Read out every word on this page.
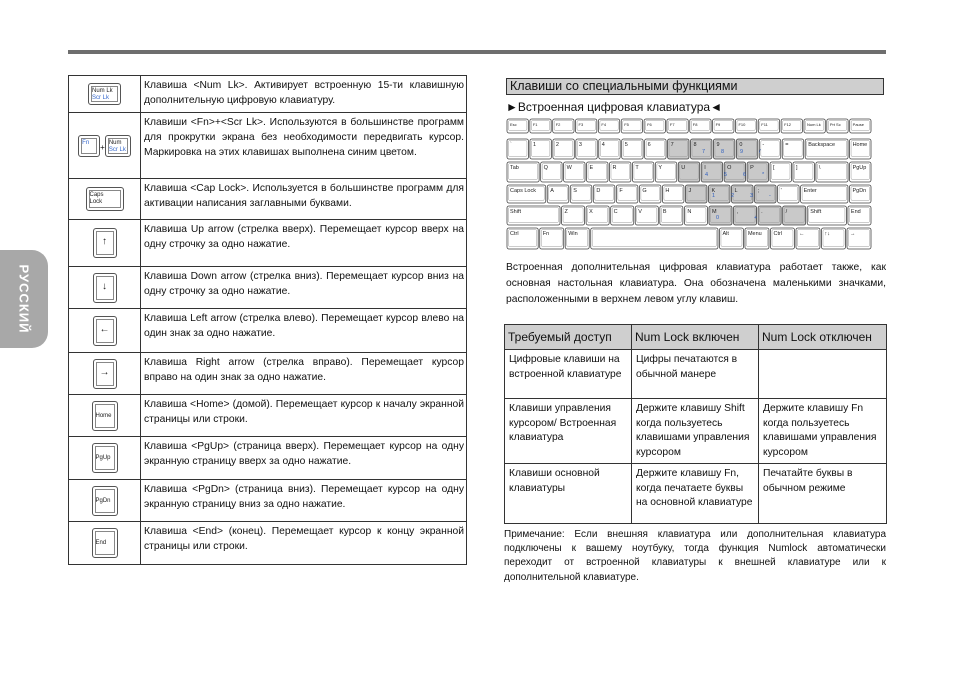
РУССКИЙ
Num Lk
Scr Lk	Клавиша <Num Lk>. Активирует встроенную 15-ти клавишную дополнительную цифровую клавиатуру.
Fn+Num
Scr Lk	Клавиши <Fn>+<Scr Lk>. Используются в большинстве программ для прокрутки экрана без необходимости передвигать курсор. Маркировка на этих клавишах выполнена синим цветом.
Caps
Lock	Клавиша <Cap Lock>. Используется в большинстве программ для активации написания заглавными буквами.
↑	Клавиша Up arrow (стрелка вверх). Перемещает курсор вверх на одну строчку за одно нажатие.
↓	Клавиша Down arrow (стрелка вниз). Перемещает курсор вниз на одну строчку за одно нажатие.
←	Клавиша Left arrow (стрелка влево). Перемещает курсор влево на один знак за одно нажатие.
→	Клавиша Right arrow (стрелка вправо). Перемещает курсор вправо на один знак за одно нажатие.
Home	Клавиша <Home> (домой). Перемещает курсор к началу экранной страницы или строки.
PgUp	Клавиша <PgUp> (страница вверх). Перемещает курсор на одну экранную страницу вверх за одно нажатие.
PgDn	Клавиша <PgDn> (страница вниз). Перемещает курсор на одну экранную страницу вниз за одно нажатие.
End	Клавиша <End> (конец). Перемещает курсор к концу экранной страницы или строки.
Клавиши со специальными функциями
►Встроенная цифровая клавиатура◄
Esc	F1	F2	F3	F4	F5	F6	F7	F8	F9	F10	F11	F12	Num Lk Prt Sc	Pause
`	1	2	3	4	5	6	7	8	9	0	-	=	Backspace	Home
Tab	Q	W	E	R	T	Y	U	I	O	P	[	]	\	PgUp
Caps Lock	A	S	D	F	G	H	J	K	L	;	'	Enter	PgDn
Shift	Z	X	C	V	B	N	M	,	.	/	Shift	End
Ctrl	Fn	Win	Alt	Menu Ctrl	←	↑↓	→
7	8	9	/
4	5	6	*
1	2	3	-
0	+

Встроенная дополнительная цифровая клавиатура работает также, как основная настольная клавиатура. Она обозначена маленькими значками, расположенными в верхнем левом углу клавиш.

Требуемый доступ	Num Lock включен	Num Lock отключен
Цифровые клавиши на встроенной клавиатуре	Цифры печатаются в обычной манере	
Клавиши управления курсором/ Встроенная клавиатура	Держите клавишу Shift когда пользуетесь клавишами управления курсором	Держите клавишу Fn когда пользуетесь клавишами управления курсором
Клавиши основной клавиатуры	Держите клавишу Fn, когда печатаете буквы на основной клавиатуре	Печатайте буквы в обычном режиме

Примечание: Если внешняя клавиатура или дополнительная клавиатура подключены к вашему ноутбуку, тогда функция Numlock автоматически переходит от встроенной клавиатуры к внешней клавиатуре или к дополнительной клавиатуре.
